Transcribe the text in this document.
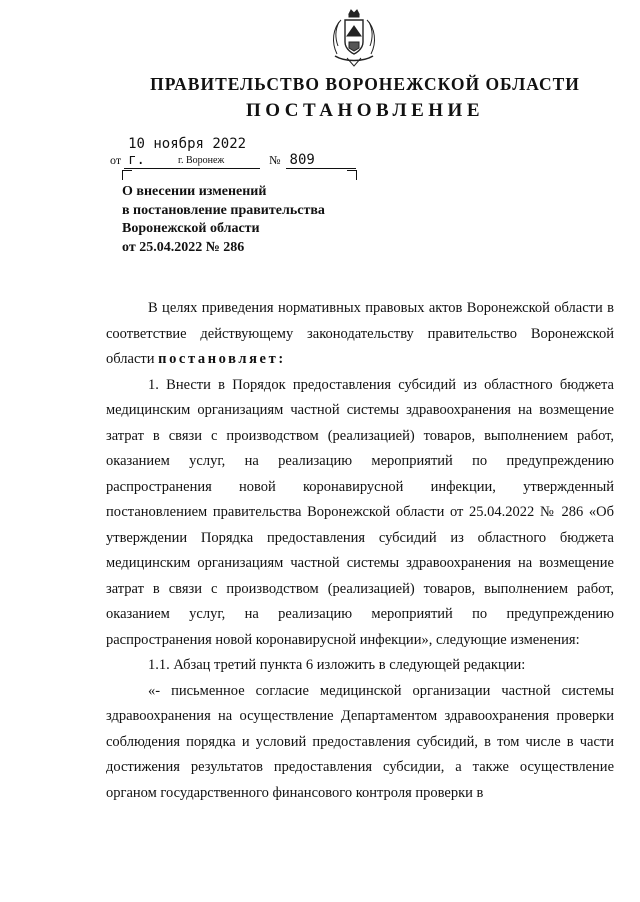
ПРАВИТЕЛЬСТВО ВОРОНЕЖСКОЙ ОБЛАСТИ
ПОСТАНОВЛЕНИЕ
от 10 ноября 2022 г.	№ 809
г. Воронеж
О внесении изменений
в постановление правительства
Воронежской области
от 25.04.2022 № 286

В целях приведения нормативных правовых актов Воронежской области в соответствие действующему законодательству правительство Воронежской области постановляет:

1. Внести в Порядок предоставления субсидий из областного бюджета медицинским организациям частной системы здравоохранения на возмещение затрат в связи с производством (реализацией) товаров, выполнением работ, оказанием услуг, на реализацию мероприятий по предупреждению распространения новой коронавирусной инфекции, утвержденный постановлением правительства Воронежской области от 25.04.2022 № 286 «Об утверждении Порядка предоставления субсидий из областного бюджета медицинским организациям частной системы здравоохранения на возмещение затрат в связи с производством (реализацией) товаров, выполнением работ, оказанием услуг, на реализацию мероприятий по предупреждению распространения новой коронавирусной инфекции», следующие изменения:

1.1. Абзац третий пункта 6 изложить в следующей редакции:

«- письменное согласие медицинской организации частной системы здравоохранения на осуществление Департаментом здравоохранения проверки соблюдения порядка и условий предоставления субсидий, в том числе в части достижения результатов предоставления субсидии, а также осуществление органом государственного финансового контроля проверки в
